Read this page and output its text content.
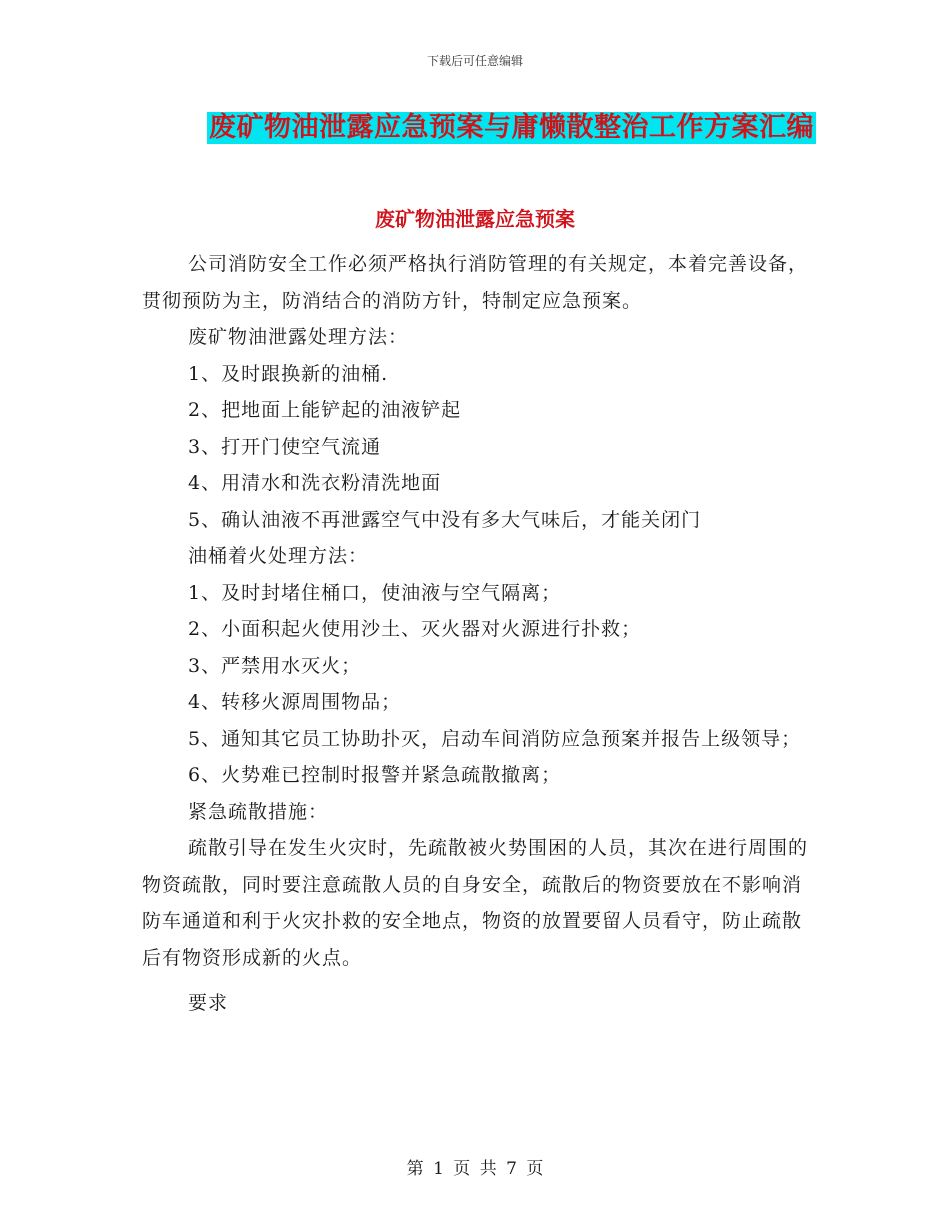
下载后可任意编辑
废矿物油泄露应急预案与庸懒散整治工作方案汇编
废矿物油泄露应急预案

公司消防安全工作必须严格执行消防管理的有关规定，本着完善设备，贯彻预防为主，防消结合的消防方针，特制定应急预案。

废矿物油泄露处理方法：

1、及时跟换新的油桶.

2、把地面上能铲起的油液铲起

3、打开门使空气流通

4、用清水和洗衣粉清洗地面

5、确认油液不再泄露空气中没有多大气味后，才能关闭门

油桶着火处理方法：

1、及时封堵住桶口，使油液与空气隔离；

2、小面积起火使用沙土、灭火器对火源进行扑救；

3、严禁用水灭火；

4、转移火源周围物品；

5、通知其它员工协助扑灭，启动车间消防应急预案并报告上级领导；

6、火势难已控制时报警并紧急疏散撤离；

紧急疏散措施：

疏散引导在发生火灾时，先疏散被火势围困的人员，其次在进行周围的物资疏散，同时要注意疏散人员的自身安全，疏散后的物资要放在不影响消防车通道和利于火灾扑救的安全地点，物资的放置要留人员看守，防止疏散后有物资形成新的火点。

要求

第 1 页 共 7 页
